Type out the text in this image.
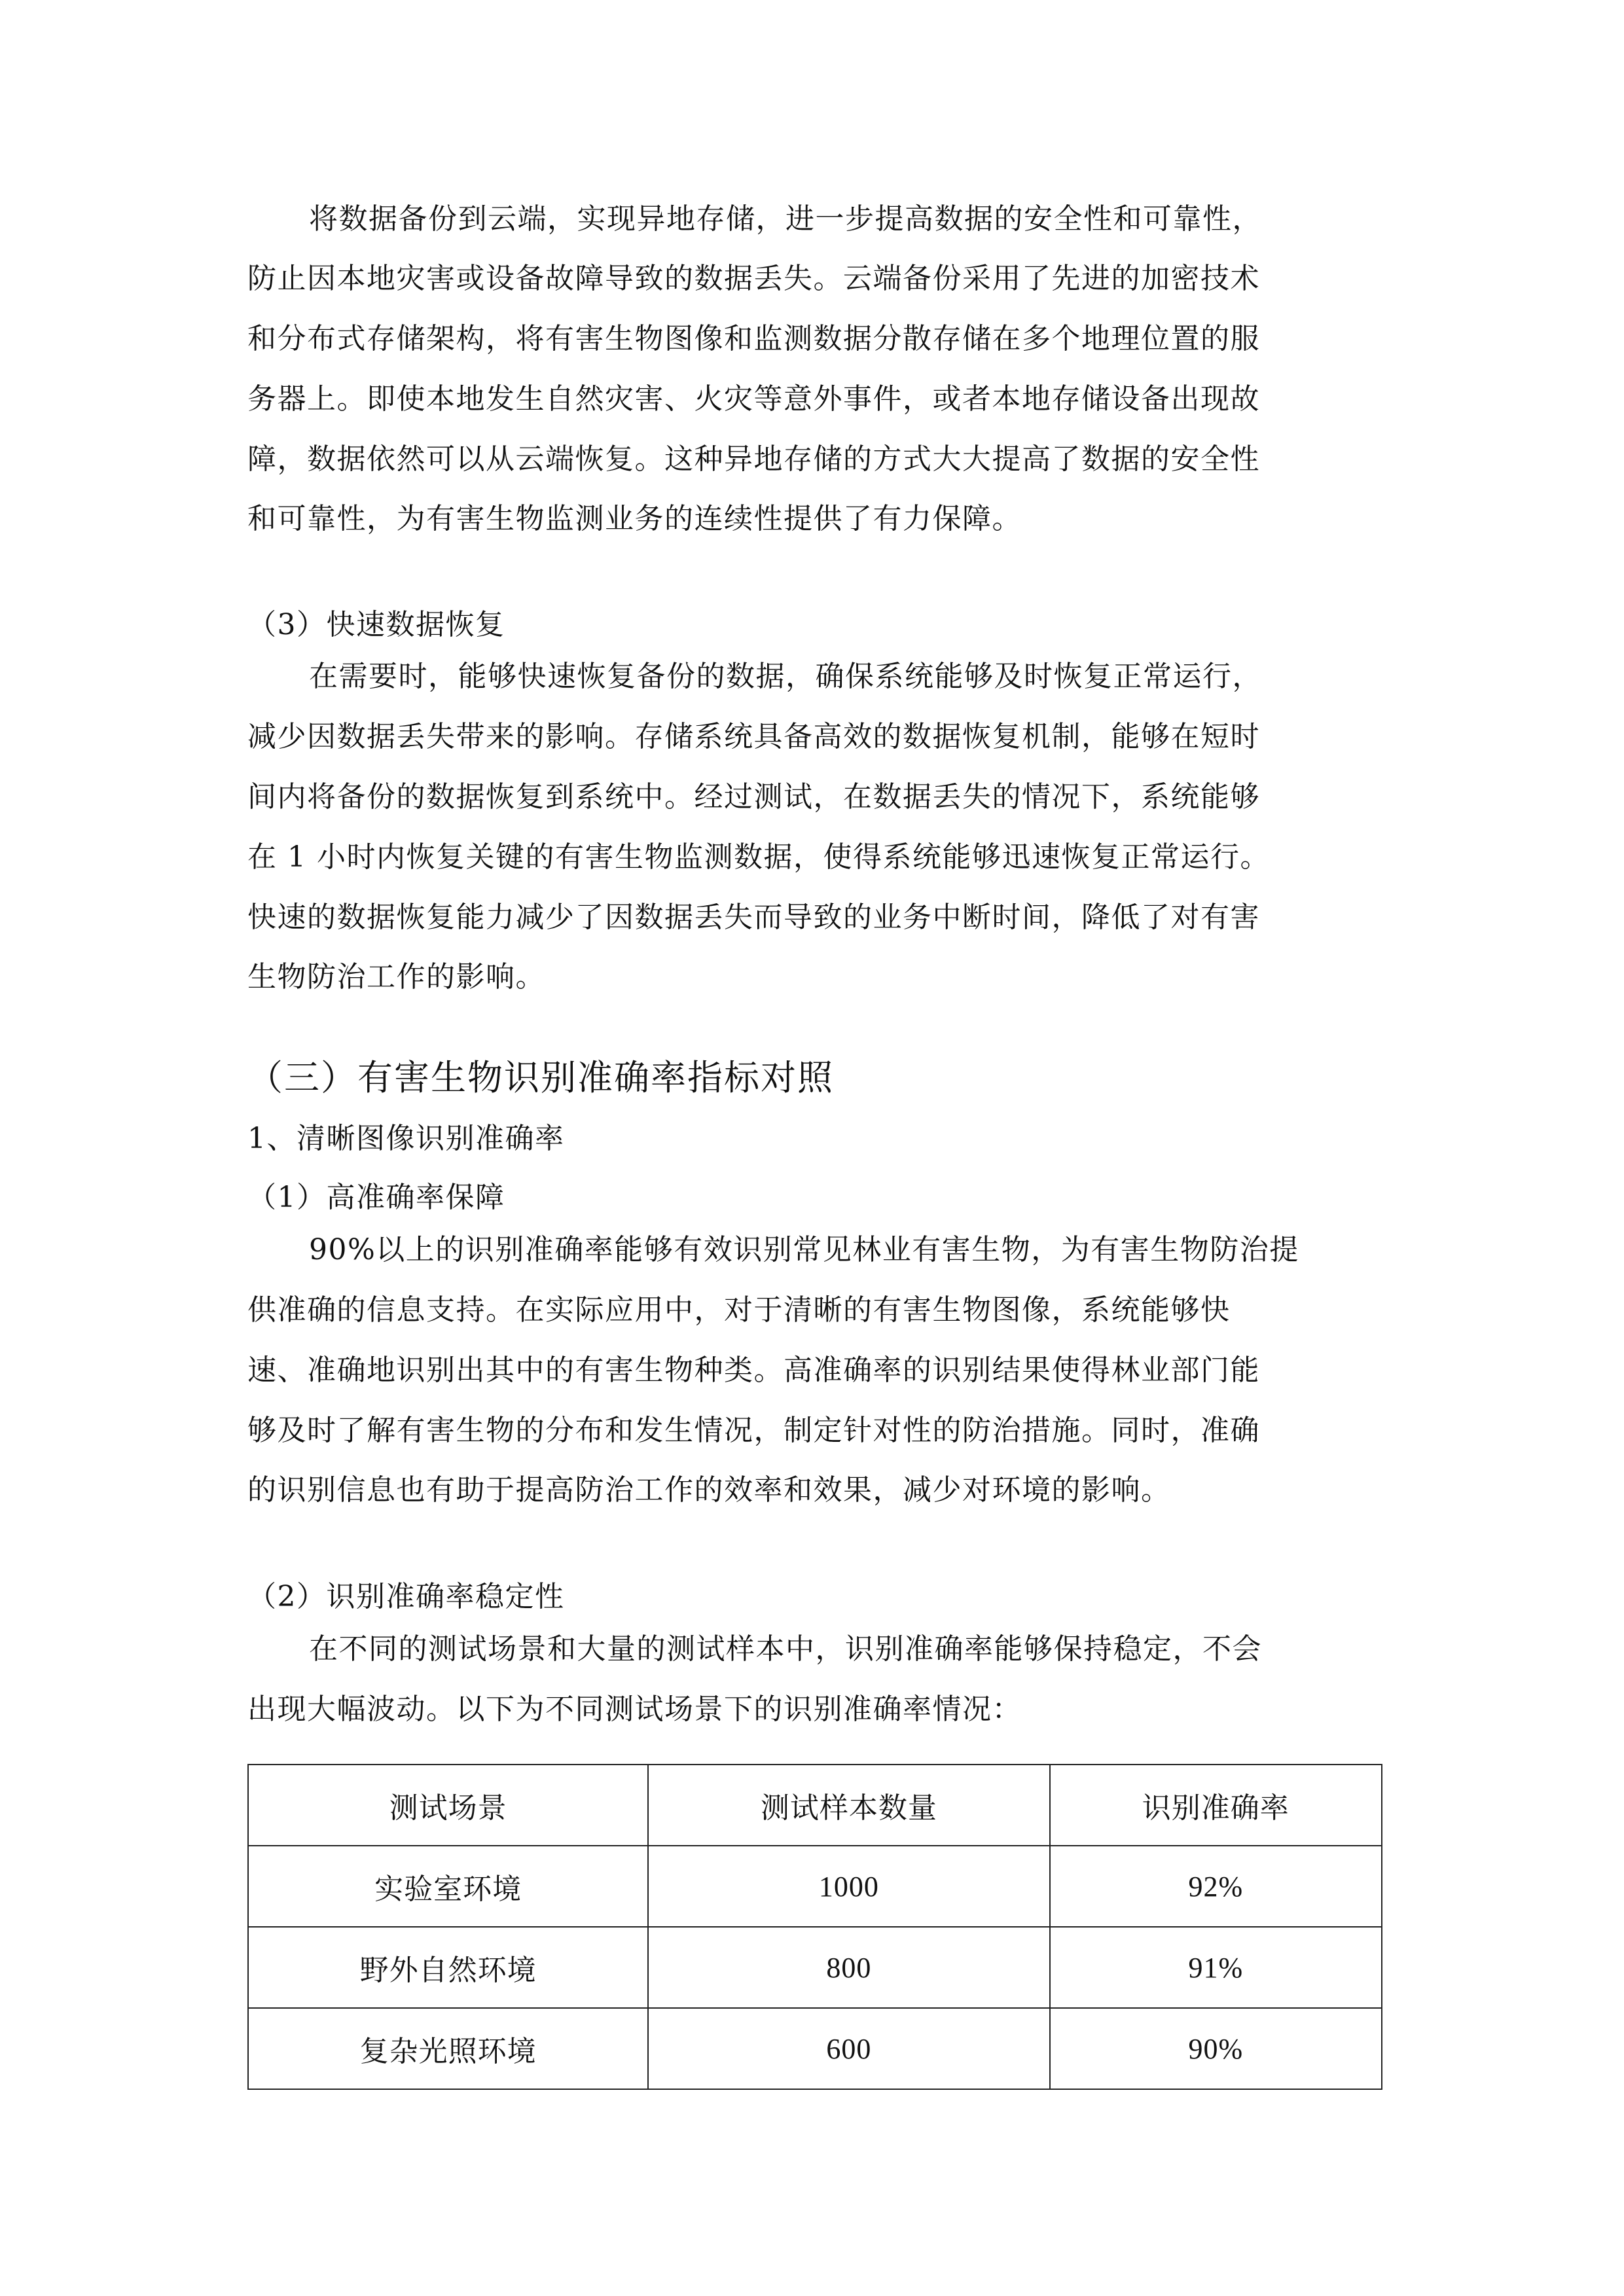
将数据备份到云端，实现异地存储，进一步提高数据的安全性和可靠性，
防止因本地灾害或设备故障导致的数据丢失。云端备份采用了先进的加密技术
和分布式存储架构，将有害生物图像和监测数据分散存储在多个地理位置的服
务器上。即使本地发生自然灾害、火灾等意外事件，或者本地存储设备出现故
障，数据依然可以从云端恢复。这种异地存储的方式大大提高了数据的安全性
和可靠性，为有害生物监测业务的连续性提供了有力保障。
（3）快速数据恢复
在需要时，能够快速恢复备份的数据，确保系统能够及时恢复正常运行，
减少因数据丢失带来的影响。存储系统具备高效的数据恢复机制，能够在短时
间内将备份的数据恢复到系统中。经过测试，在数据丢失的情况下，系统能够
在 1 小时内恢复关键的有害生物监测数据，使得系统能够迅速恢复正常运行。
快速的数据恢复能力减少了因数据丢失而导致的业务中断时间，降低了对有害
生物防治工作的影响。
（三）有害生物识别准确率指标对照
1、清晰图像识别准确率
（1）高准确率保障
90%以上的识别准确率能够有效识别常见林业有害生物，为有害生物防治提
供准确的信息支持。在实际应用中，对于清晰的有害生物图像，系统能够快
速、准确地识别出其中的有害生物种类。高准确率的识别结果使得林业部门能
够及时了解有害生物的分布和发生情况，制定针对性的防治措施。同时，准确
的识别信息也有助于提高防治工作的效率和效果，减少对环境的影响。
（2）识别准确率稳定性
在不同的测试场景和大量的测试样本中，识别准确率能够保持稳定，不会
出现大幅波动。以下为不同测试场景下的识别准确率情况：
测试场景	测试样本数量	识别准确率
实验室环境	1000	92%
野外自然环境	800	91%
复杂光照环境	600	90%
